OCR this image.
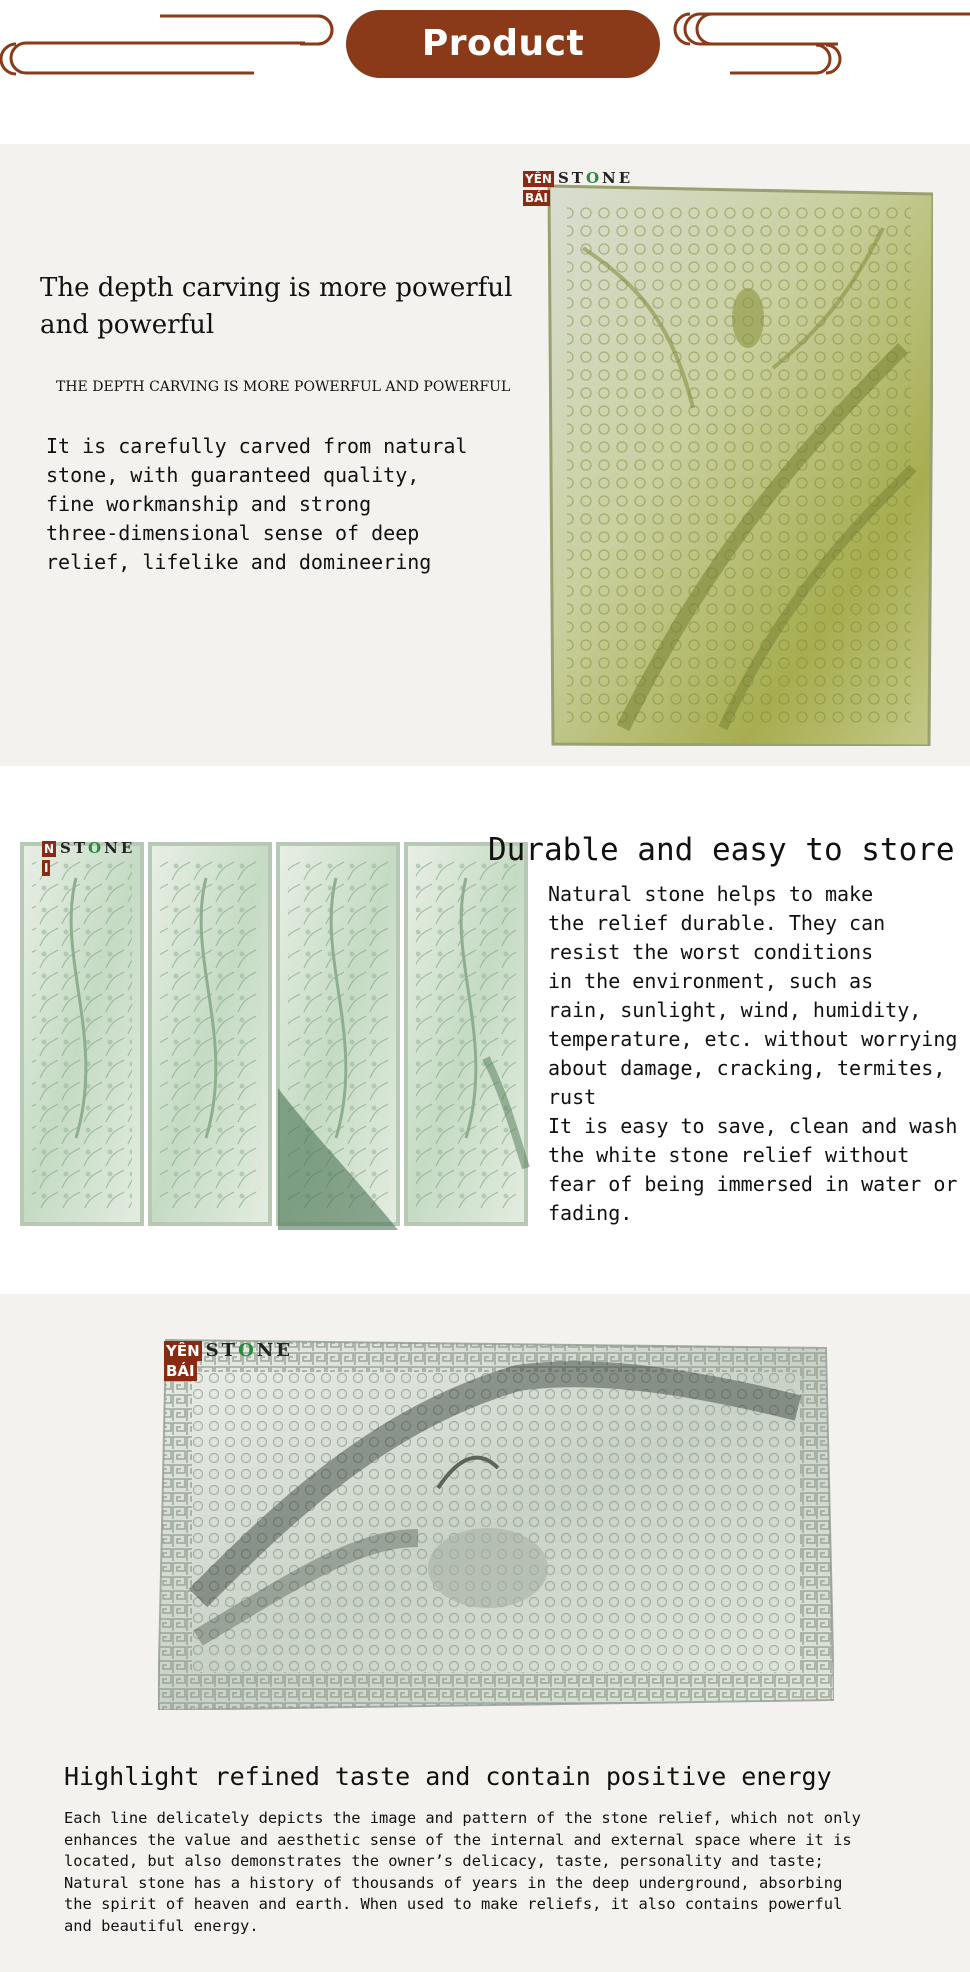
Product display
The depth carving is more powerful and powerful
THE DEPTH CARVING IS MORE POWERFUL AND POWERFUL
It is carefully carved from natural
stone, with guaranteed quality,
fine workmanship and strong
three-dimensional sense of deep
relief, lifelike and domineering
YÊN STONE
BÁI
N STONE
I	Durable and easy to store
Natural stone helps to make
the relief durable. They can
resist the worst conditions
in the environment, such as
rain, sunlight, wind, humidity,
temperature, etc. without worrying
about damage, cracking, termites,
rust
It is easy to save, clean and wash
the white stone relief without
fear of being immersed in water or
fading.
YÊN STONE
BÁI
Highlight refined taste and contain positive energy
Each line delicately depicts the image and pattern of the stone relief, which not only
enhances the value and aesthetic sense of the internal and external space where it is
located, but also demonstrates the owner’s delicacy, taste, personality and taste;
Natural stone has a history of thousands of years in the deep underground, absorbing
the spirit of heaven and earth. When used to make reliefs, it also contains powerful
and beautiful energy.
